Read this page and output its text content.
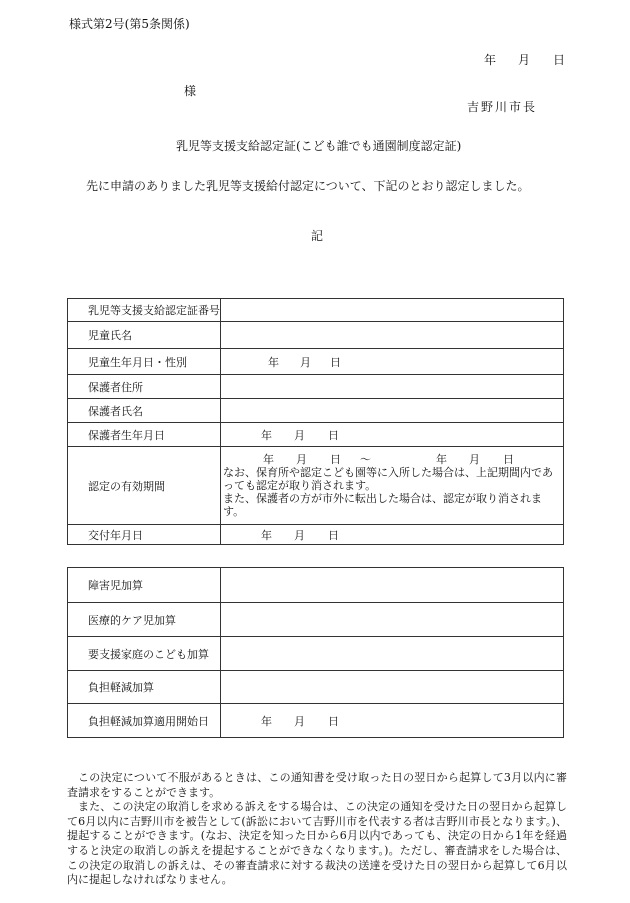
様式第2号(第5条関係)
年 月 日
様
吉野川市長
乳児等支援支給認定証(こども誰でも通園制度認定証)
先に申請のありました乳児等支援給付認定について、下記のとおり認定しました。
記
乳児等支援支給認定証番号	
児童氏名	
児童生年月日・性別	年 月 日

保護者住所	
保護者氏名	
保護者生年月日	年 月 日

認定の有効期間	年 月 日 〜 年 月 日
なお、保育所や認定こども園等に入所した場合は、上記期間内であっても認定が取り消されます。
また、保護者の方が市外に転出した場合は、認定が取り消されます。

交付年月日	年 月 日
障害児加算	
医療的ケア児加算	
要支援家庭のこども加算	
負担軽減加算	
負担軽減加算適用開始日	年 月 日

この決定について不服があるときは、この通知書を受け取った日の翌日から起算して3月以内に審査請求をすることができます。

また、この決定の取消しを求める訴えをする場合は、この決定の通知を受けた日の翌日から起算して6月以内に吉野川市を被告として(訴訟において吉野川市を代表する者は吉野川市長となります。)、提起することができます。(なお、決定を知った日から6月以内であっても、決定の日から1年を経過すると決定の取消しの訴えを提起することができなくなります。)。ただし、審査請求をした場合は、この決定の取消しの訴えは、その審査請求に対する裁決の送達を受けた日の翌日から起算して6月以内に提起しなければなりません。
